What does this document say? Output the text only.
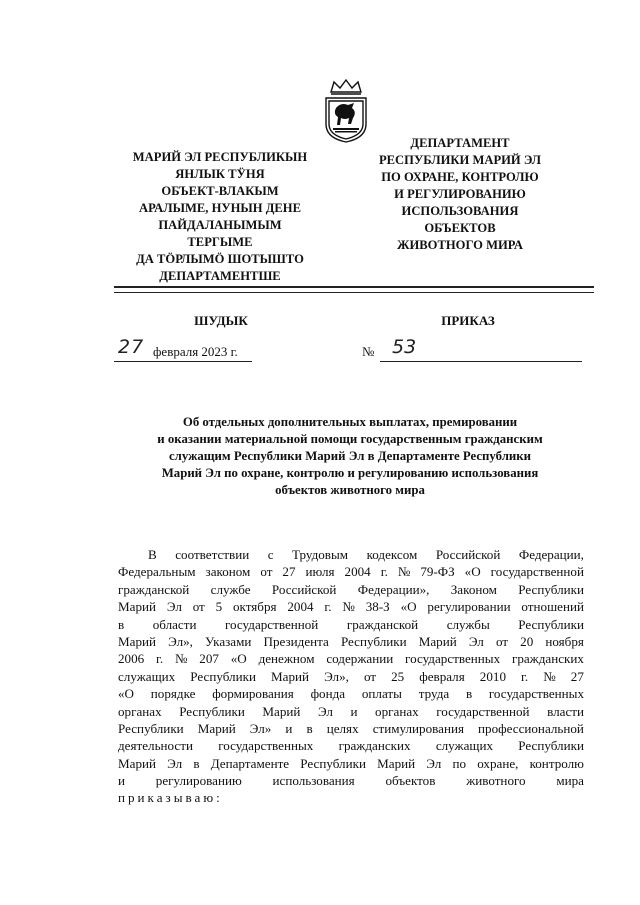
МАРИЙ ЭЛ РЕСПУБЛИКЫН
ЯНЛЫК ТӰНЯ
ОБЪЕКТ-ВЛАКЫМ
АРАЛЫМЕ, НУНЫН ДЕНЕ
ПАЙДАЛАНЫМЫМ
ТЕРГЫМЕ
ДА ТӦРЛЫМӦ ШОТЫШТО
ДЕПАРТАМЕНТШЕ
ДЕПАРТАМЕНТ
РЕСПУБЛИКИ МАРИЙ ЭЛ
ПО ОХРАНЕ, КОНТРОЛЮ
И РЕГУЛИРОВАНИЮ
ИСПОЛЬЗОВАНИЯ
ОБЪЕКТОВ
ЖИВОТНОГО МИРА
ШУДЫК	ПРИКАЗ
27 февраля 2023 г.	№ 53
Об отдельных дополнительных выплатах, премировании
и оказании материальной помощи государственным гражданским
служащим Республики Марий Эл в Департаменте Республики
Марий Эл по охране, контролю и регулированию использования
объектов животного мира
В соответствии с Трудовым кодексом Российской Федерации,
Федеральным законом от 27 июля 2004 г. № 79-ФЗ «О государственной
гражданской службе Российской Федерации», Законом Республики
Марий Эл от 5 октября 2004 г. № 38-З «О регулировании отношений
в области государственной гражданской службы Республики
Марий Эл», Указами Президента Республики Марий Эл от 20 ноября
2006 г. № 207 «О денежном содержании государственных гражданских
служащих Республики Марий Эл», от 25 февраля 2010 г. № 27
«О порядке формирования фонда оплаты труда в государственных
органах Республики Марий Эл и органах государственной власти
Республики Марий Эл» и в целях стимулирования профессиональной
деятельности государственных гражданских служащих Республики
Марий Эл в Департаменте Республики Марий Эл по охране, контролю
и регулированию использования объектов животного мира
приказываю:
